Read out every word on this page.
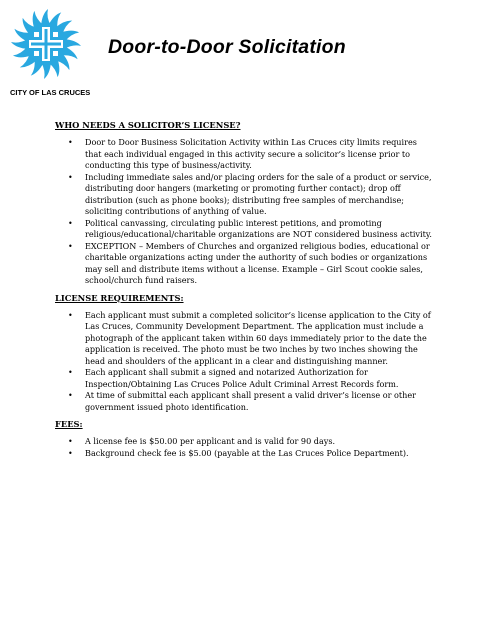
CITY OF LAS CRUCES
Door-to-Door Solicitation
WHO NEEDS A SOLICITOR’S LICENSE?
• Door to Door Business Solicitation Activity within Las Cruces city limits requires that each individual engaged in this activity secure a solicitor’s license prior to conducting this type of business/activity.
• Including immediate sales and/or placing orders for the sale of a product or service, distributing door hangers (marketing or promoting further contact); drop off distribution (such as phone books); distributing free samples of merchandise; soliciting contributions of anything of value.
• Political canvassing, circulating public interest petitions, and promoting religious/educational/charitable organizations are NOT considered business activity.
• EXCEPTION – Members of Churches and organized religious bodies, educational or charitable organizations acting under the authority of such bodies or organizations may sell and distribute items without a license. Example – Girl Scout cookie sales, school/church fund raisers.
LICENSE REQUIREMENTS:
• Each applicant must submit a completed solicitor’s license application to the City of Las Cruces, Community Development Department. The application must include a photograph of the applicant taken within 60 days immediately prior to the date the application is received. The photo must be two inches by two inches showing the head and shoulders of the applicant in a clear and distinguishing manner.
• Each applicant shall submit a signed and notarized Authorization for Inspection/Obtaining Las Cruces Police Adult Criminal Arrest Records form.
• At time of submittal each applicant shall present a valid driver’s license or other government issued photo identification.
FEES:
• A license fee is $50.00 per applicant and is valid for 90 days.
• Background check fee is $5.00 (payable at the Las Cruces Police Department).
